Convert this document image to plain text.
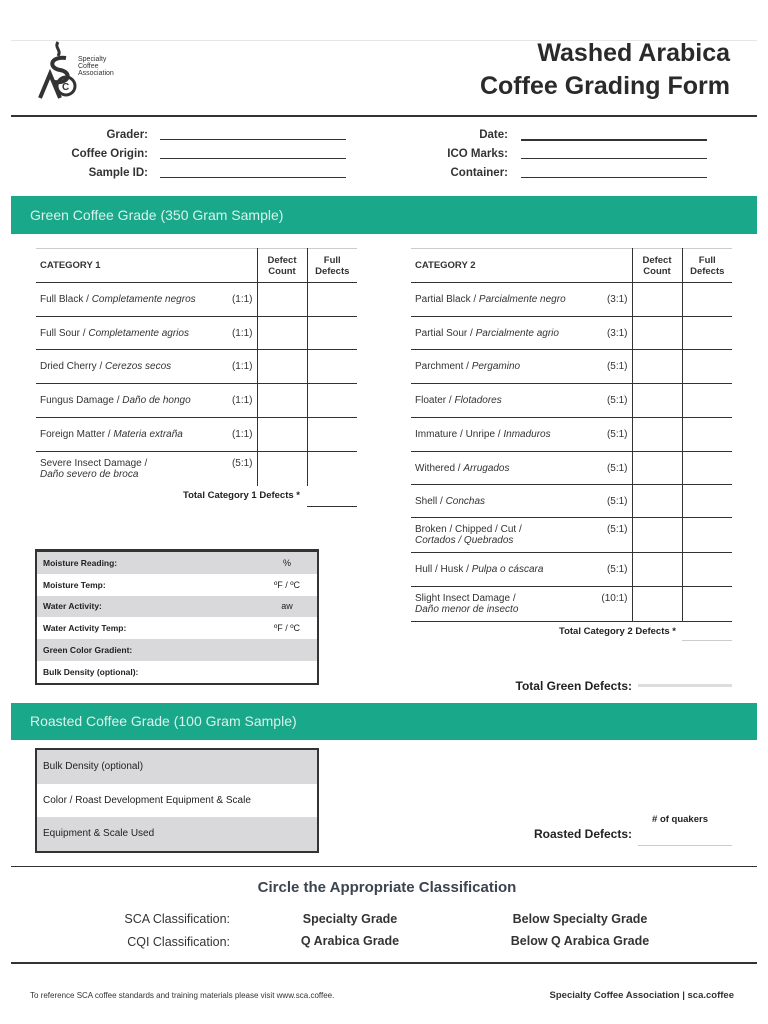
C
Specialty
Coffee
Association
Washed Arabica
Coffee Grading Form
Grader:
Coffee Origin:
Sample ID:
Date:
ICO Marks:
Container:
Green Coffee Grade (350 Gram Sample)
CATEGORY 1	Defect Count	Full Defects

Full Black / Completamente negros (1:1)		

Full Sour / Completamente agrios (1:1)		

Dried Cherry / Cerezos secos (1:1)		

Fungus Damage / Daño de hongo (1:1)		

Foreign Matter / Materia extraña (1:1)		

Severe Insect Damage /
Daño severo de broca
(5:1)		

Total Category 1 Defects *
CATEGORY 2	Defect Count	Full Defects

Partial Black / Parcialmente negro (3:1)		

Partial Sour / Parcialmente agrio (3:1)		

Parchment / Pergamino (5:1)		

Floater / Flotadores (5:1)		

Immature / Unripe / Inmaduros (5:1)		

Withered / Arrugados (5:1)		

Shell / Conchas (5:1)		

Broken / Chipped / Cut /
Cortados / Quebrados
(5:1)		

Hull / Husk / Pulpa o cáscara (5:1)		

Slight Insect Damage /
Daño menor de insecto
(10:1)		

Total Category 2 Defects *
Moisture Reading:	%
Moisture Temp:	ºF / ºC
Water Activity:	aw
Water Activity Temp:	ºF / ºC
Green Color Gradient:
Bulk Density (optional):
Total Green Defects:
Roasted Coffee Grade (100 Gram Sample)
Bulk Density (optional)
Color / Roast Development Equipment & Scale
Equipment & Scale Used
# of quakers
Roasted Defects:
Circle the Appropriate Classification
SCA Classification:	Specialty Grade	Below Specialty Grade
CQI Classification:	Q Arabica Grade	Below Q Arabica Grade
To reference SCA coffee standards and training materials please visit www.sca.coffee.	Specialty Coffee Association | sca.coffee
